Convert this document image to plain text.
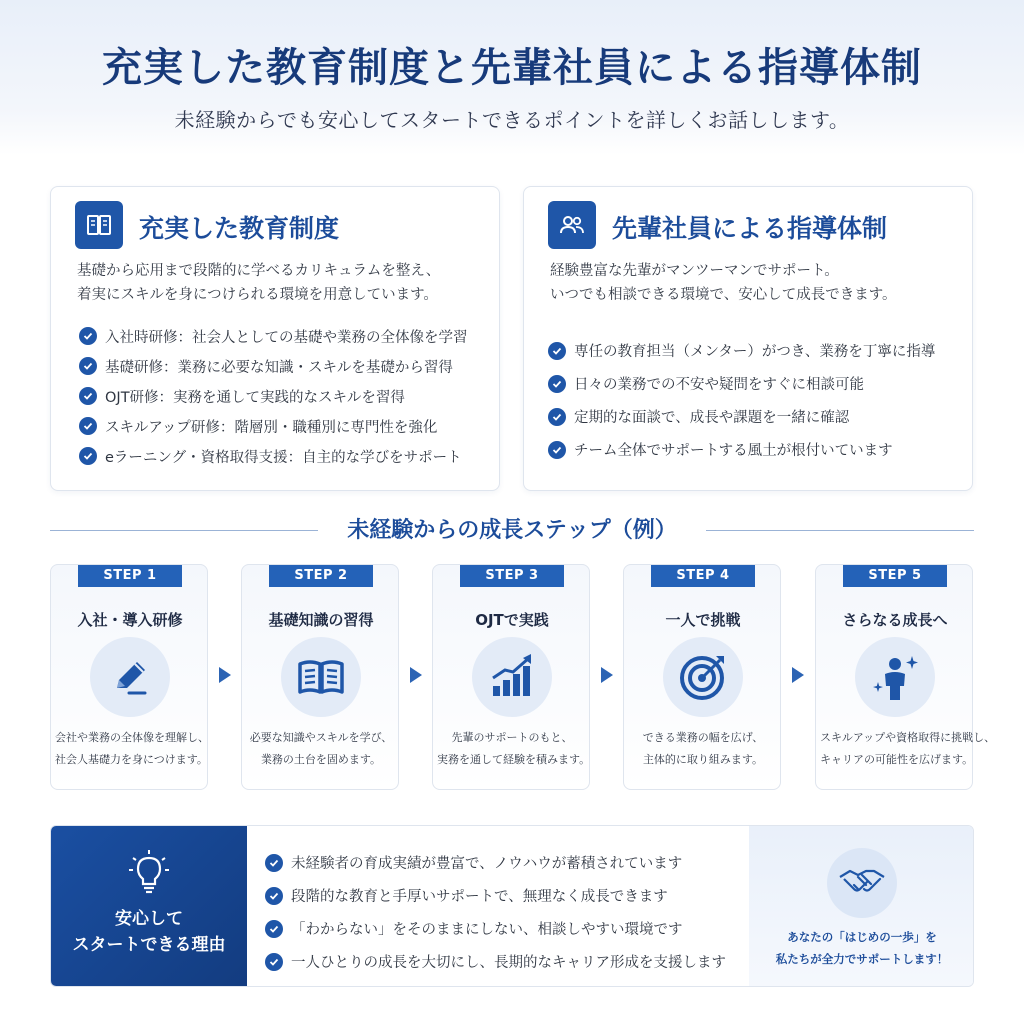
充実した教育制度と先輩社員による指導体制
未経験からでも安心してスタートできるポイントを詳しくお話しします。
充実した教育制度
基礎から応用まで段階的に学べるカリキュラムを整え、
着実にスキルを身につけられる環境を用意しています。
入社時研修：社会人としての基礎や業務の全体像を学習
基礎研修：業務に必要な知識・スキルを基礎から習得
OJT研修：実務を通して実践的なスキルを習得
スキルアップ研修：階層別・職種別に専門性を強化
eラーニング・資格取得支援：自主的な学びをサポート
先輩社員による指導体制
経験豊富な先輩がマンツーマンでサポート。
いつでも相談できる環境で、安心して成長できます。
専任の教育担当（メンター）がつき、業務を丁寧に指導
日々の業務での不安や疑問をすぐに相談可能
定期的な面談で、成長や課題を一緒に確認
チーム全体でサポートする風土が根付いています
未経験からの成長ステップ（例）
STEP 1
入社・導入研修
会社や業務の全体像を理解し、
社会人基礎力を身につけます。
STEP 2
基礎知識の習得
必要な知識やスキルを学び、
業務の土台を固めます。
STEP 3
OJTで実践
先輩のサポートのもと、
実務を通して経験を積みます。
STEP 4
一人で挑戦
できる業務の幅を広げ、
主体的に取り組みます。
STEP 5
さらなる成長へ
スキルアップや資格取得に挑戦し、
キャリアの可能性を広げます。
安心して
スタートできる理由
未経験者の育成実績が豊富で、ノウハウが蓄積されています
段階的な教育と手厚いサポートで、無理なく成長できます
「わからない」をそのままにしない、相談しやすい環境です
一人ひとりの成長を大切にし、長期的なキャリア形成を支援します
あなたの「はじめの一歩」を
私たちが全力でサポートします！
